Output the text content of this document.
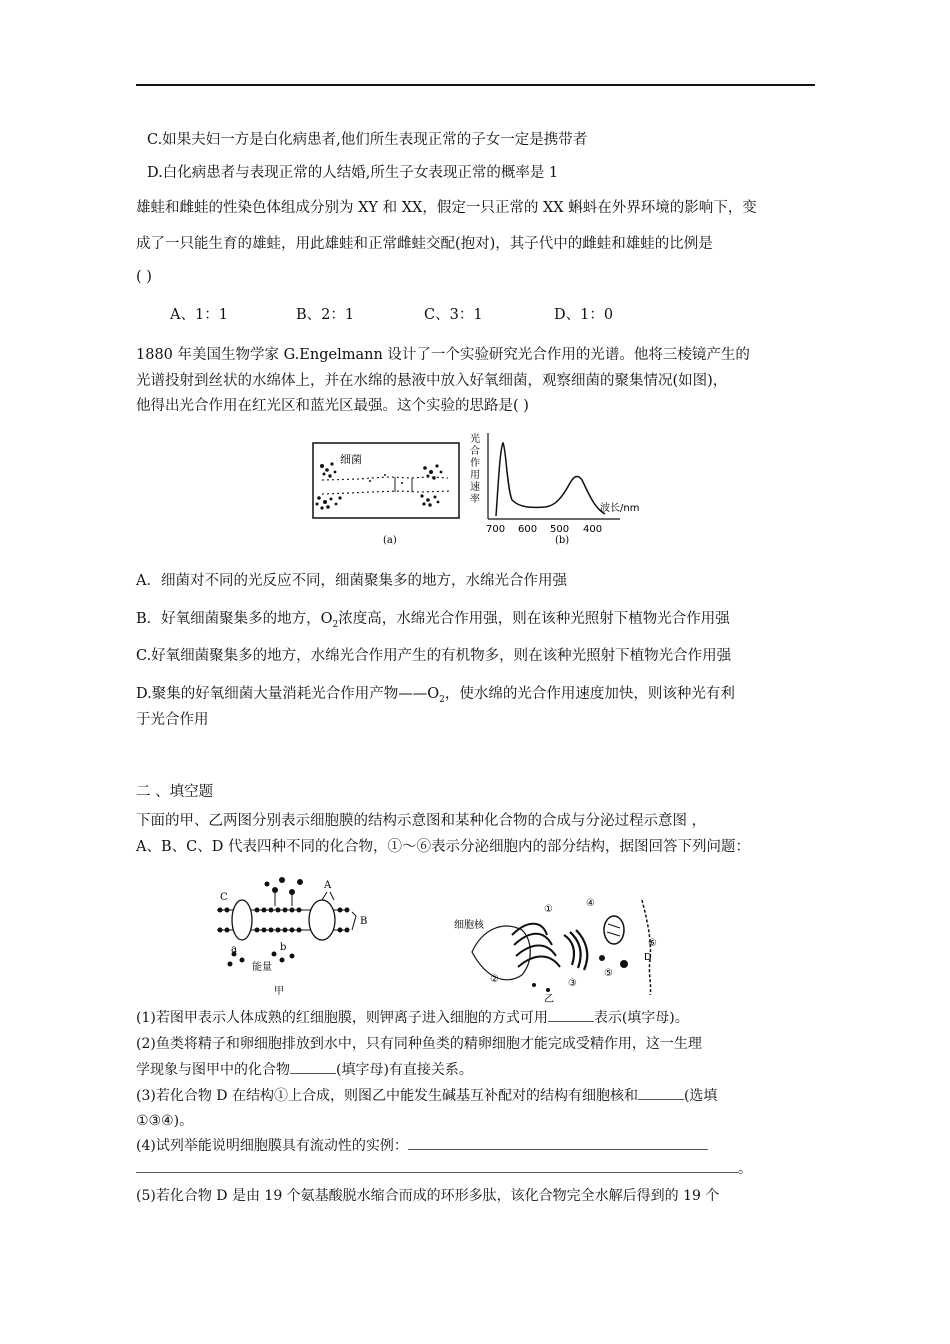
C.如果夫妇一方是白化病患者,他们所生表现正常的子女一定是携带者
D.白化病患者与表现正常的人结婚,所生子女表现正常的概率是 1
雄蛙和雌蛙的性染色体组成分别为 XY 和 XX，假定一只正常的 XX 蝌蚪在外界环境的影响下，变
成了一只能生育的雄蛙，用此雄蛙和正常雌蛙交配(抱对)，其子代中的雌蛙和雄蛙的比例是
( )
A、1：1	B、2：1	C、3：1	D、1：0
1880 年美国生物学家 G.Engelmann 设计了一个实验研究光合作用的光谱。他将三棱镜产生的
光谱投射到丝状的水绵体上，并在水绵的悬液中放入好氧细菌，观察细菌的聚集情况(如图)，
他得出光合作用在红光区和蓝光区最强。这个实验的思路是( )
细菌
(a)
光
合
作
用
速
率
波长/nm
700 600 500 400
(b)
A．细菌对不同的光反应不同，细菌聚集多的地方，水绵光合作用强
B．好氧细菌聚集多的地方，$O_2$浓度高，水绵光合作用强，则在该种光照射下植物光合作用强
C.好氧细菌聚集多的地方，水绵光合作用产生的有机物多，则在该种光照射下植物光合作用强
D.聚集的好氧细菌大量消耗光合作用产物$——O_2$，使水绵的光合作用速度加快，则该种光有利
于光合作用
二 、填空题
下面的甲、乙两图分别表示细胞膜的结构示意图和某种化合物的合成与分泌过程示意图 ，
A、B、C、D 代表四种不同的化合物，①～⑥表示分泌细胞内的部分结构，据图回答下列问题：
C
A
B
a	b
能量
甲
细胞核
①
②	③
④
⑤
⑥
D
乙
(1)若图甲表示人体成熟的红细胞膜，则钾离子进入细胞的方式可用	表示(填字母)。
(2)鱼类将精子和卵细胞排放到水中，只有同种鱼类的精卵细胞才能完成受精作用，这一生理
学现象与图甲中的化合物	(填字母)有直接关系。
(3)若化合物 D 在结构①上合成，则图乙中能发生碱基互补配对的结构有细胞核和	(选填
①③④)。
(4)试列举能说明细胞膜具有流动性的实例：
。
(5)若化合物 D 是由 19 个氨基酸脱水缩合而成的环形多肽，该化合物完全水解后得到的 19 个
